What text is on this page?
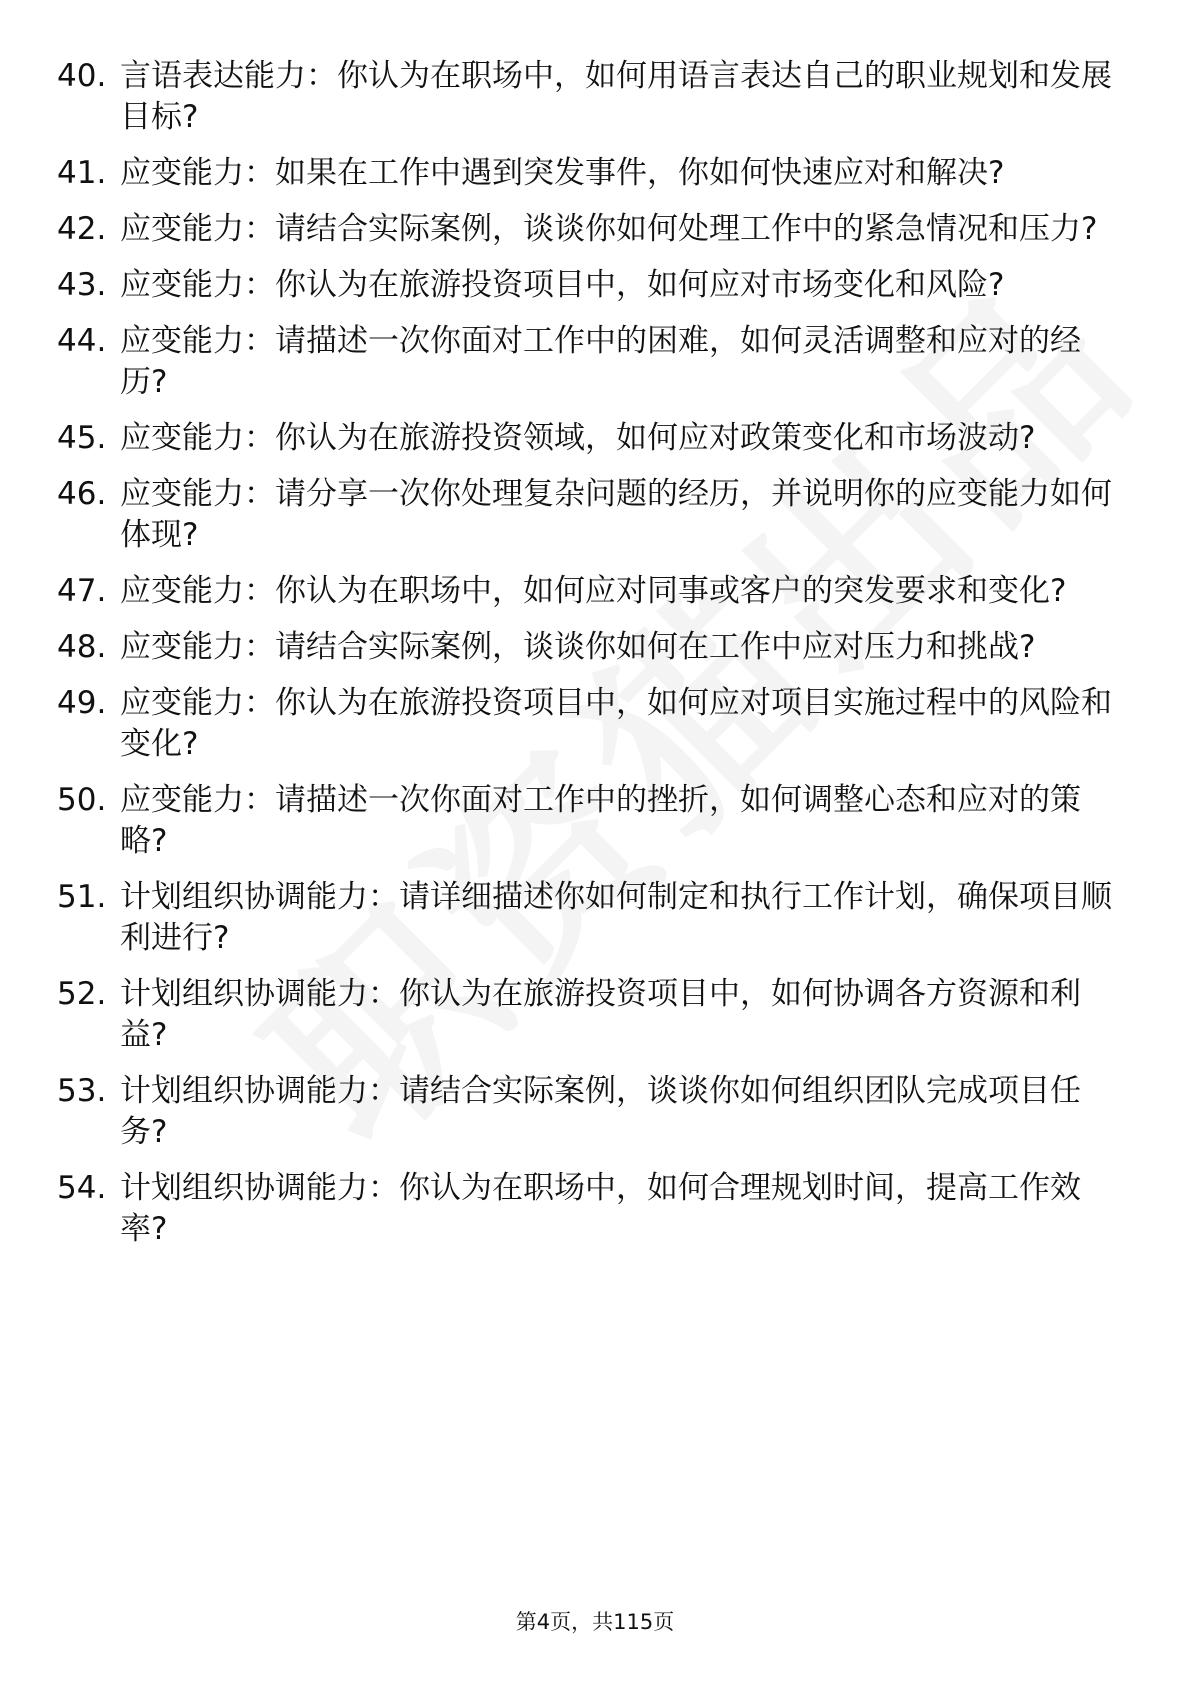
40. 言语表达能力：你认为在职场中，如何用语言表达自己的职业规划和发展目标?
41. 应变能力：如果在工作中遇到突发事件，你如何快速应对和解决?
42. 应变能力：请结合实际案例，谈谈你如何处理工作中的紧急情况和压力?
43. 应变能力：你认为在旅游投资项目中，如何应对市场变化和风险?
44. 应变能力：请描述一次你面对工作中的困难，如何灵活调整和应对的经历?
45. 应变能力：你认为在旅游投资领域，如何应对政策变化和市场波动?
46. 应变能力：请分享一次你处理复杂问题的经历，并说明你的应变能力如何体现?
47. 应变能力：你认为在职场中，如何应对同事或客户的突发要求和变化?
48. 应变能力：请结合实际案例，谈谈你如何在工作中应对压力和挑战?
49. 应变能力：你认为在旅游投资项目中，如何应对项目实施过程中的风险和变化?
50. 应变能力：请描述一次你面对工作中的挫折，如何调整心态和应对的策略?
51. 计划组织协调能力：请详细描述你如何制定和执行工作计划，确保项目顺利进行?
52. 计划组织协调能力：你认为在旅游投资项目中，如何协调各方资源和利益?
53. 计划组织协调能力：请结合实际案例，谈谈你如何组织团队完成项目任务?
54. 计划组织协调能力：你认为在职场中，如何合理规划时间，提高工作效率?
第4页，共115页
